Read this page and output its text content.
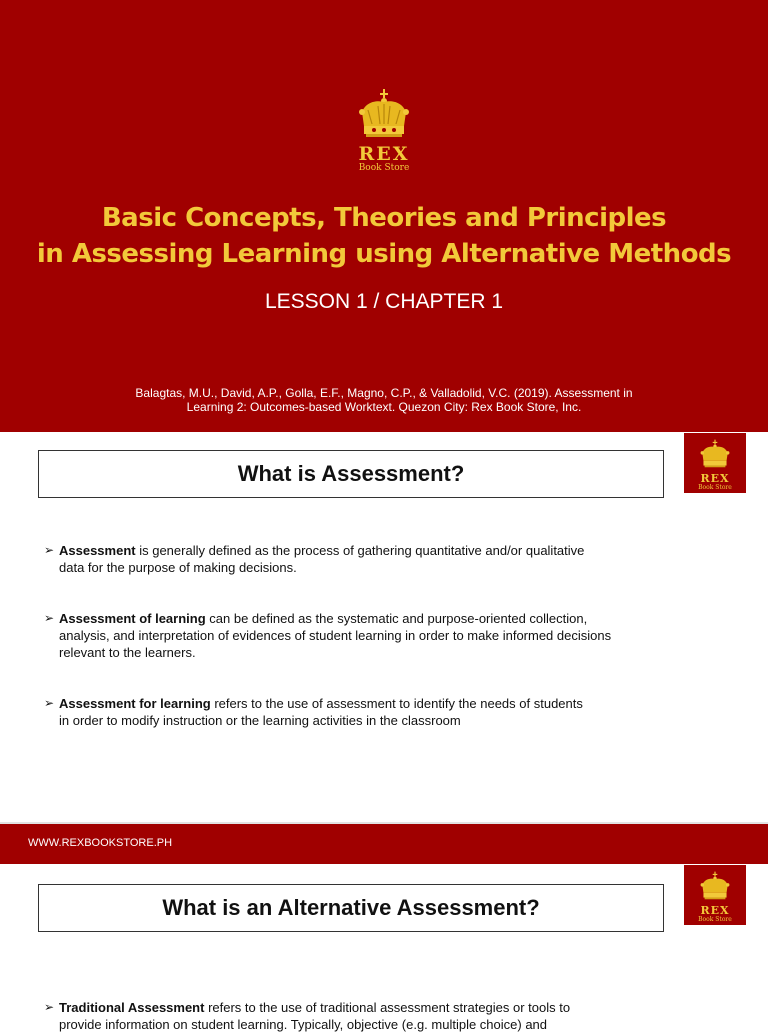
REX
Book Store
Basic Concepts, Theories and Principles
in Assessing Learning using Alternative Methods
LESSON 1 / CHAPTER 1
Balagtas, M.U., David, A.P., Golla, E.F., Magno, C.P., & Valladolid, V.C. (2019). Assessment in
Learning 2: Outcomes-based Worktext. Quezon City: Rex Book Store, Inc.
What is Assessment?	REX
Book Store
➢ Assessment is generally defined as the process of gathering quantitative and/or qualitative
data for the purpose of making decisions.
➢ Assessment of learning can be defined as the systematic and purpose-oriented collection,
analysis, and interpretation of evidences of student learning in order to make informed decisions relevant to the learners.
➢ Assessment for learning refers to the use of assessment to identify the needs of students
in order to modify instruction or the learning activities in the classroom
WWW.REXBOOKSTORE.PH
What is an Alternative Assessment?	REX
Book Store
➢ Traditional Assessment refers to the use of traditional assessment strategies or tools to
provide information on student learning. Typically, objective (e.g. multiple choice) and
